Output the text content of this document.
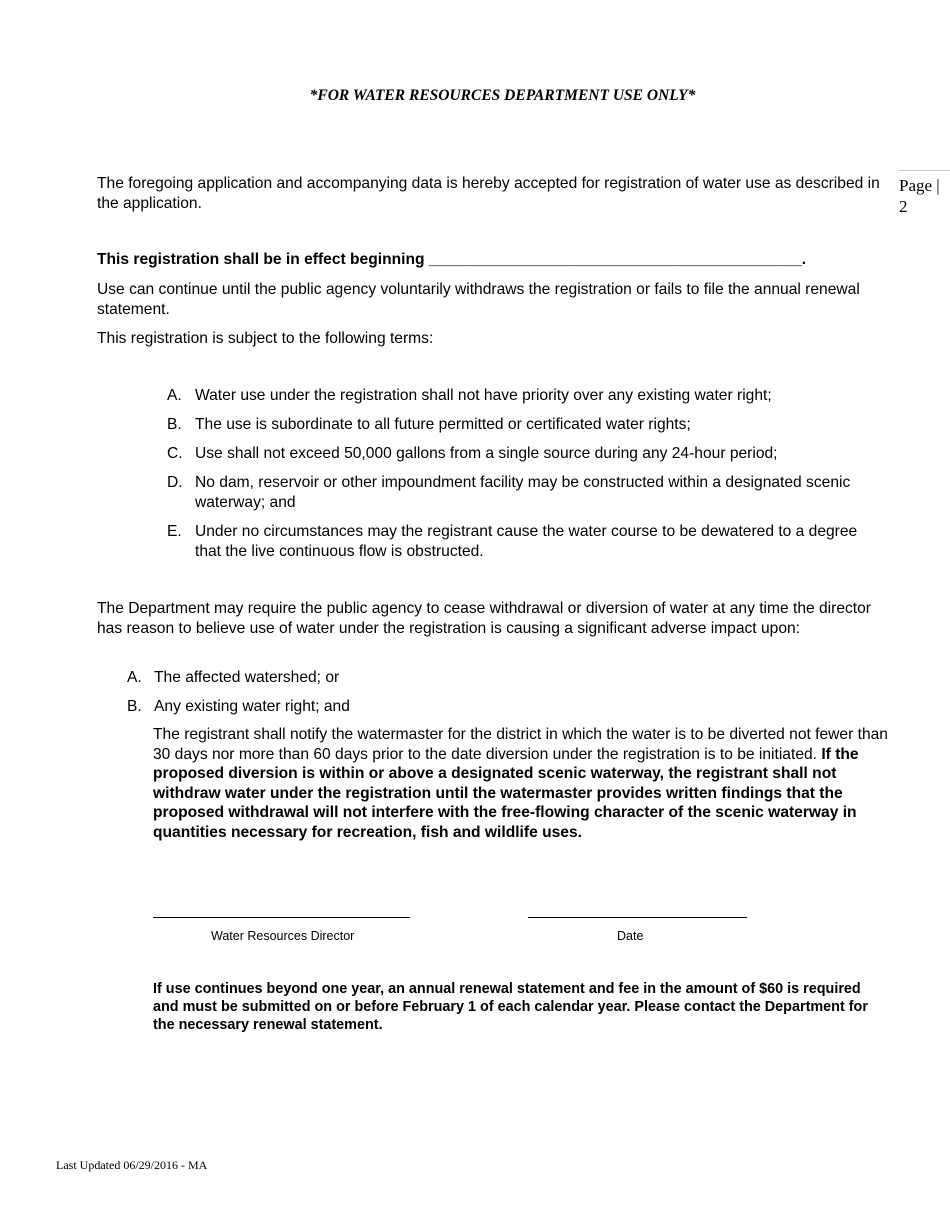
*FOR WATER RESOURCES DEPARTMENT USE ONLY*
Page | 2
The foregoing application and accompanying data is hereby accepted for registration of water use as described in the application.
This registration shall be in effect beginning ___________________________________________.
Use can continue until the public agency voluntarily withdraws the registration or fails to file the annual renewal statement.
This registration is subject to the following terms:
A. Water use under the registration shall not have priority over any existing water right;
B. The use is subordinate to all future permitted or certificated water rights;
C. Use shall not exceed 50,000 gallons from a single source during any 24-hour period;
D. No dam, reservoir or other impoundment facility may be constructed within a designated scenic waterway; and
E. Under no circumstances may the registrant cause the water course to be dewatered to a degree that the live continuous flow is obstructed.
The Department may require the public agency to cease withdrawal or diversion of water at any time the director has reason to believe use of water under the registration is causing a significant adverse impact upon:
A. The affected watershed; or
B. Any existing water right; and
The registrant shall notify the watermaster for the district in which the water is to be diverted not fewer than 30 days nor more than 60 days prior to the date diversion under the registration is to be initiated. If the proposed diversion is within or above a designated scenic waterway, the registrant shall not withdraw water under the registration until the watermaster provides written findings that the proposed withdrawal will not interfere with the free-flowing character of the scenic waterway in quantities necessary for recreation, fish and wildlife uses.
Water Resources Director	Date
If use continues beyond one year, an annual renewal statement and fee in the amount of $60 is required and must be submitted on or before February 1 of each calendar year. Please contact the Department for the necessary renewal statement.
Last Updated 06/29/2016 - MA
